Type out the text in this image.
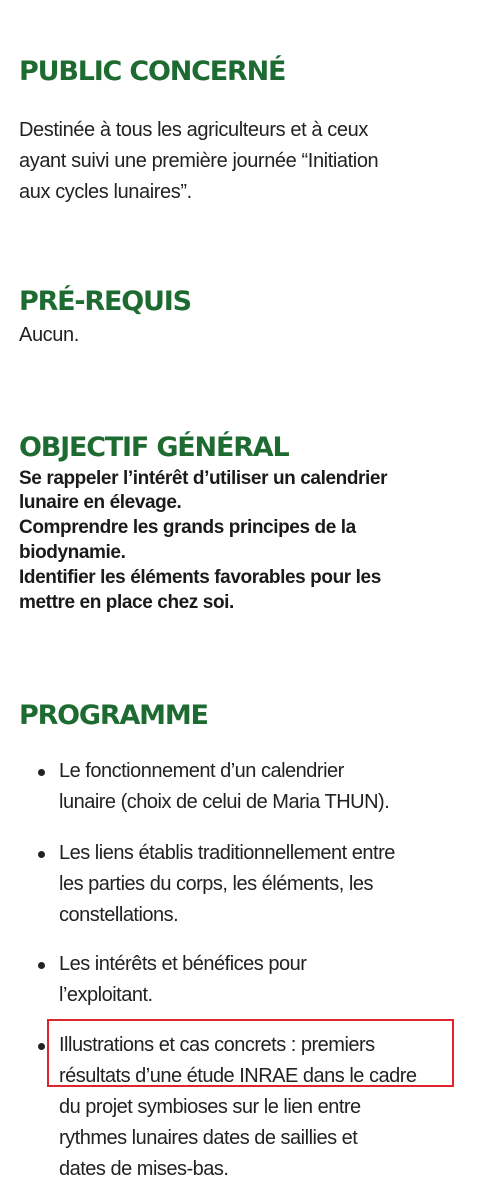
PUBLIC CONCERNÉ

Destinée à tous les agriculteurs et à ceux

ayant suivi une première journée “Initiation

aux cycles lunaires”.

PRÉ-REQUIS

Aucun.

OBJECTIF GÉNÉRAL

Se rappeler l’intérêt d’utiliser un calendrier

lunaire en élevage.

Comprendre les grands principes de la

biodynamie.

Identifier les éléments favorables pour les

mettre en place chez soi.

PROGRAMME
Le fonctionnement d’un calendrier
lunaire (choix de celui de Maria THUN).
Les liens établis traditionnellement entre
les parties du corps, les éléments, les
constellations.
Les intérêts et bénéfices pour
l’exploitant.
Illustrations et cas concrets : premiers
résultats d’une étude INRAE dans le cadre
du projet symbioses sur le lien entre
rythmes lunaires dates de saillies et
dates de mises-bas.
